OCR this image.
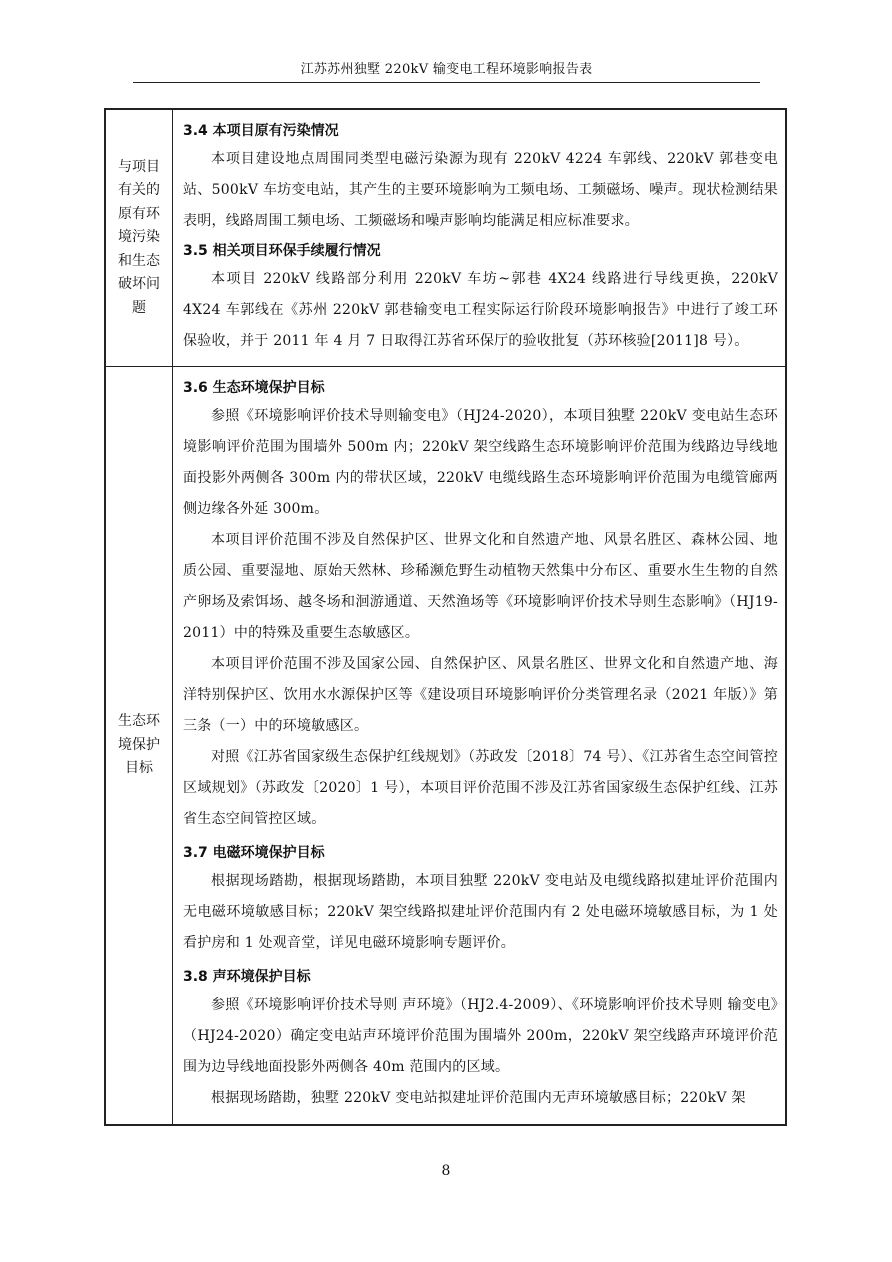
江苏苏州独墅 220kV 输变电工程环境影响报告表
与项目有关的原有环境污染和生态破坏问题
3.4 本项目原有污染情况

本项目建设地点周围同类型电磁污染源为现有 220kV 4224 车郭线、220kV 郭巷变电站、500kV 车坊变电站，其产生的主要环境影响为工频电场、工频磁场、噪声。现状检测结果表明，线路周围工频电场、工频磁场和噪声影响均能满足相应标准要求。

3.5 相关项目环保手续履行情况

本项目 220kV 线路部分利用 220kV 车坊~郭巷 4X24 线路进行导线更换，220kV 4X24 车郭线在《苏州 220kV 郭巷输变电工程实际运行阶段环境影响报告》中进行了竣工环保验收，并于 2011 年 4 月 7 日取得江苏省环保厅的验收批复（苏环核验[2011]8 号）。

生态环境保护目标
3.6 生态环境保护目标

参照《环境影响评价技术导则输变电》（HJ24-2020），本项目独墅 220kV 变电站生态环境影响评价范围为围墙外 500m 内；220kV 架空线路生态环境影响评价范围为线路边导线地面投影外两侧各 300m 内的带状区域，220kV 电缆线路生态环境影响评价范围为电缆管廊两侧边缘各外延 300m。

本项目评价范围不涉及自然保护区、世界文化和自然遗产地、风景名胜区、森林公园、地质公园、重要湿地、原始天然林、珍稀濒危野生动植物天然集中分布区、重要水生生物的自然产卵场及索饵场、越冬场和洄游通道、天然渔场等《环境影响评价技术导则生态影响》（HJ19-2011）中的特殊及重要生态敏感区。

本项目评价范围不涉及国家公园、自然保护区、风景名胜区、世界文化和自然遗产地、海洋特别保护区、饮用水水源保护区等《建设项目环境影响评价分类管理名录（2021 年版）》第三条（一）中的环境敏感区。

对照《江苏省国家级生态保护红线规划》（苏政发〔2018〕74 号）、《江苏省生态空间管控区域规划》（苏政发〔2020〕1 号），本项目评价范围不涉及江苏省国家级生态保护红线、江苏省生态空间管控区域。

3.7 电磁环境保护目标

根据现场踏勘，根据现场踏勘，本项目独墅 220kV 变电站及电缆线路拟建址评价范围内无电磁环境敏感目标；220kV 架空线路拟建址评价范围内有 2 处电磁环境敏感目标，为 1 处看护房和 1 处观音堂，详见电磁环境影响专题评价。

3.8 声环境保护目标

参照《环境影响评价技术导则 声环境》（HJ2.4-2009）、《环境影响评价技术导则 输变电》（HJ24-2020）确定变电站声环境评价范围为围墙外 200m，220kV 架空线路声环境评价范围为边导线地面投影外两侧各 40m 范围内的区域。

根据现场踏勘，独墅 220kV 变电站拟建址评价范围内无声环境敏感目标；220kV 架

8
